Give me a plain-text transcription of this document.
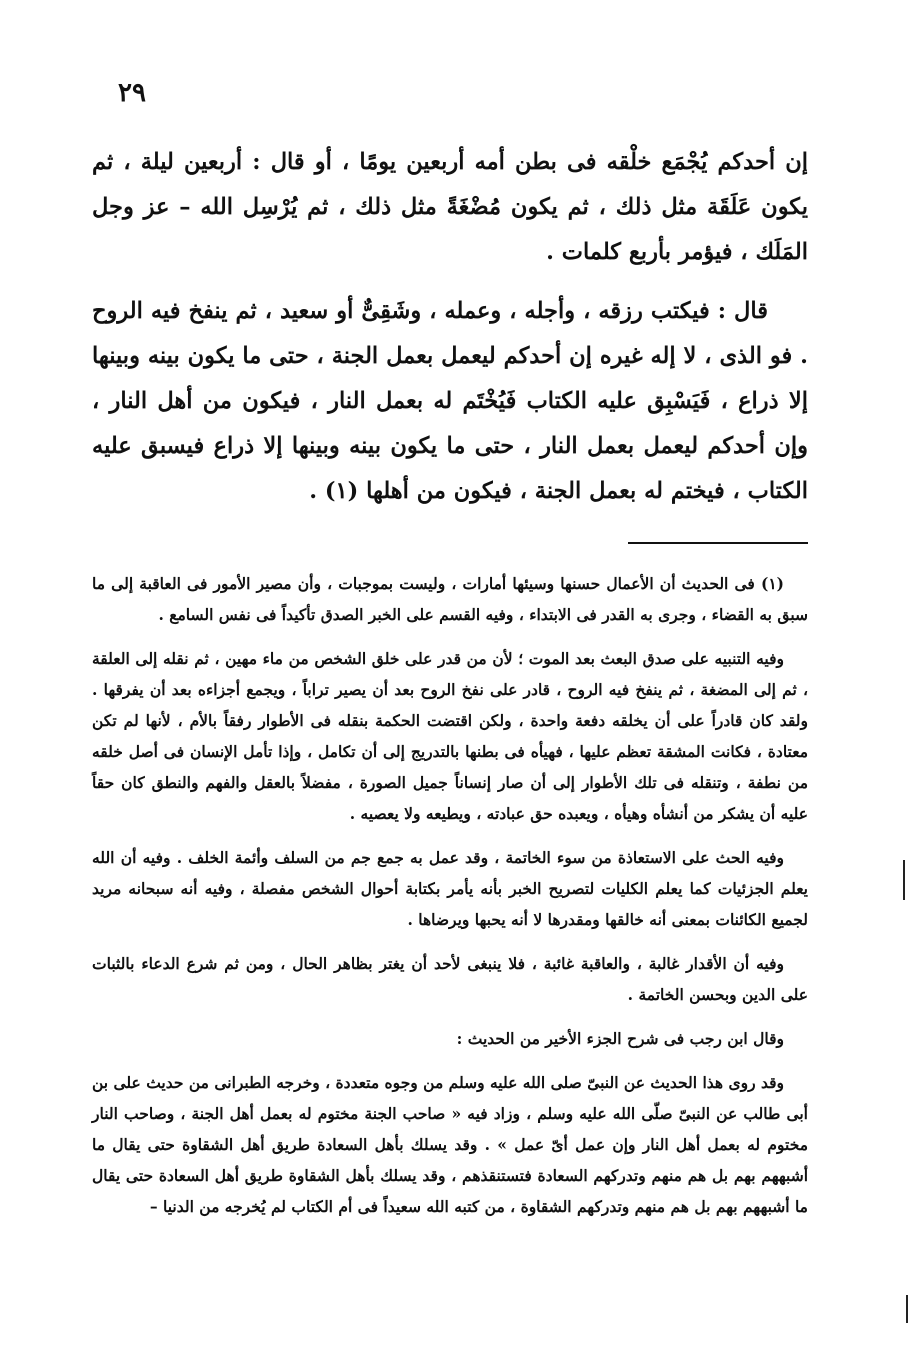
٢٩

إن أحدكم يُجْمَع خلْقه فى بطن أمه أربعين يومًا ، أو قال : أربعين ليلة ، ثم يكون عَلَقَة مثل ذلك ، ثم يكون مُضْغَةً مثل ذلك ، ثم يُرْسِل الله – عز وجل المَلَك ، فيؤمر بأربع كلمات .

قال : فيكتب رزقه ، وأجله ، وعمله ، وشَقِىٌّ أو سعيد ، ثم ينفخ فيه الروح . فو الذى ، لا إله غيره إن أحدكم ليعمل بعمل الجنة ، حتى ما يكون بينه وبينها إلا ذراع ، فَيَسْبِق عليه الكتاب فَيُخْتَم له بعمل النار ، فيكون من أهل النار ، وإن أحدكم ليعمل بعمل النار ، حتى ما يكون بينه وبينها إلا ذراع فيسبق عليه الكتاب ، فيختم له بعمل الجنة ، فيكون من أهلها (١) .

(١) فى الحديث أن الأعمال حسنها وسيئها أمارات ، وليست بموجبات ، وأن مصير الأمور فى العاقبة إلى ما سبق به القضاء ، وجرى به القدر فى الابتداء ، وفيه القسم على الخبر الصدق تأكيداً فى نفس السامع .

وفيه التنبيه على صدق البعث بعد الموت ؛ لأن من قدر على خلق الشخص من ماء مهين ، ثم نقله إلى العلقة ، ثم إلى المضغة ، ثم ينفخ فيه الروح ، قادر على نفخ الروح بعد أن يصير تراباً ، ويجمع أجزاءه بعد أن يفرقها . ولقد كان قادراً على أن يخلقه دفعة واحدة ، ولكن اقتضت الحكمة بنقله فى الأطوار رفقاً بالأم ، لأنها لم تكن معتادة ، فكانت المشقة تعظم عليها ، فهيأه فى بطنها بالتدريج إلى أن تكامل ، وإذا تأمل الإنسان فى أصل خلقه من نطفة ، وتنقله فى تلك الأطوار إلى أن صار إنساناً جميل الصورة ، مفضلاً بالعقل والفهم والنطق كان حقاً عليه أن يشكر من أنشأه وهيأه ، ويعبده حق عبادته ، ويطيعه ولا يعصيه .

وفيه الحث على الاستعاذة من سوء الخاتمة ، وقد عمل به جمع جم من السلف وأئمة الخلف . وفيه أن الله يعلم الجزئيات كما يعلم الكليات لتصريح الخبر بأنه يأمر بكتابة أحوال الشخص مفصلة ، وفيه أنه سبحانه مريد لجميع الكائنات بمعنى أنه خالقها ومقدرها لا أنه يحبها ويرضاها .

وفيه أن الأقدار غالبة ، والعاقبة غائبة ، فلا ينبغى لأحد أن يغتر بظاهر الحال ، ومن ثم شرع الدعاء بالثبات على الدين وبحسن الخاتمة .

وقال ابن رجب فى شرح الجزء الأخير من الحديث :

وقد روى هذا الحديث عن النبىّ صلى الله عليه وسلم من وجوه متعددة ، وخرجه الطبرانى من حديث على بن أبى طالب عن النبىّ صلّى الله عليه وسلم ، وزاد فيه « صاحب الجنة مختوم له بعمل أهل الجنة ، وصاحب النار مختوم له بعمل أهل النار وإن عمل أىّ عمل » . وقد يسلك بأهل السعادة طريق أهل الشقاوة حتى يقال ما أشبههم بهم بل هم منهم وتدركهم السعادة فتستنقذهم ، وقد يسلك بأهل الشقاوة طريق أهل السعادة حتى يقال ما أشبههم بهم بل هم منهم وتدركهم الشقاوة ، من كتبه الله سعيداً فى أم الكتاب لم يُخرجه من الدنيا –
